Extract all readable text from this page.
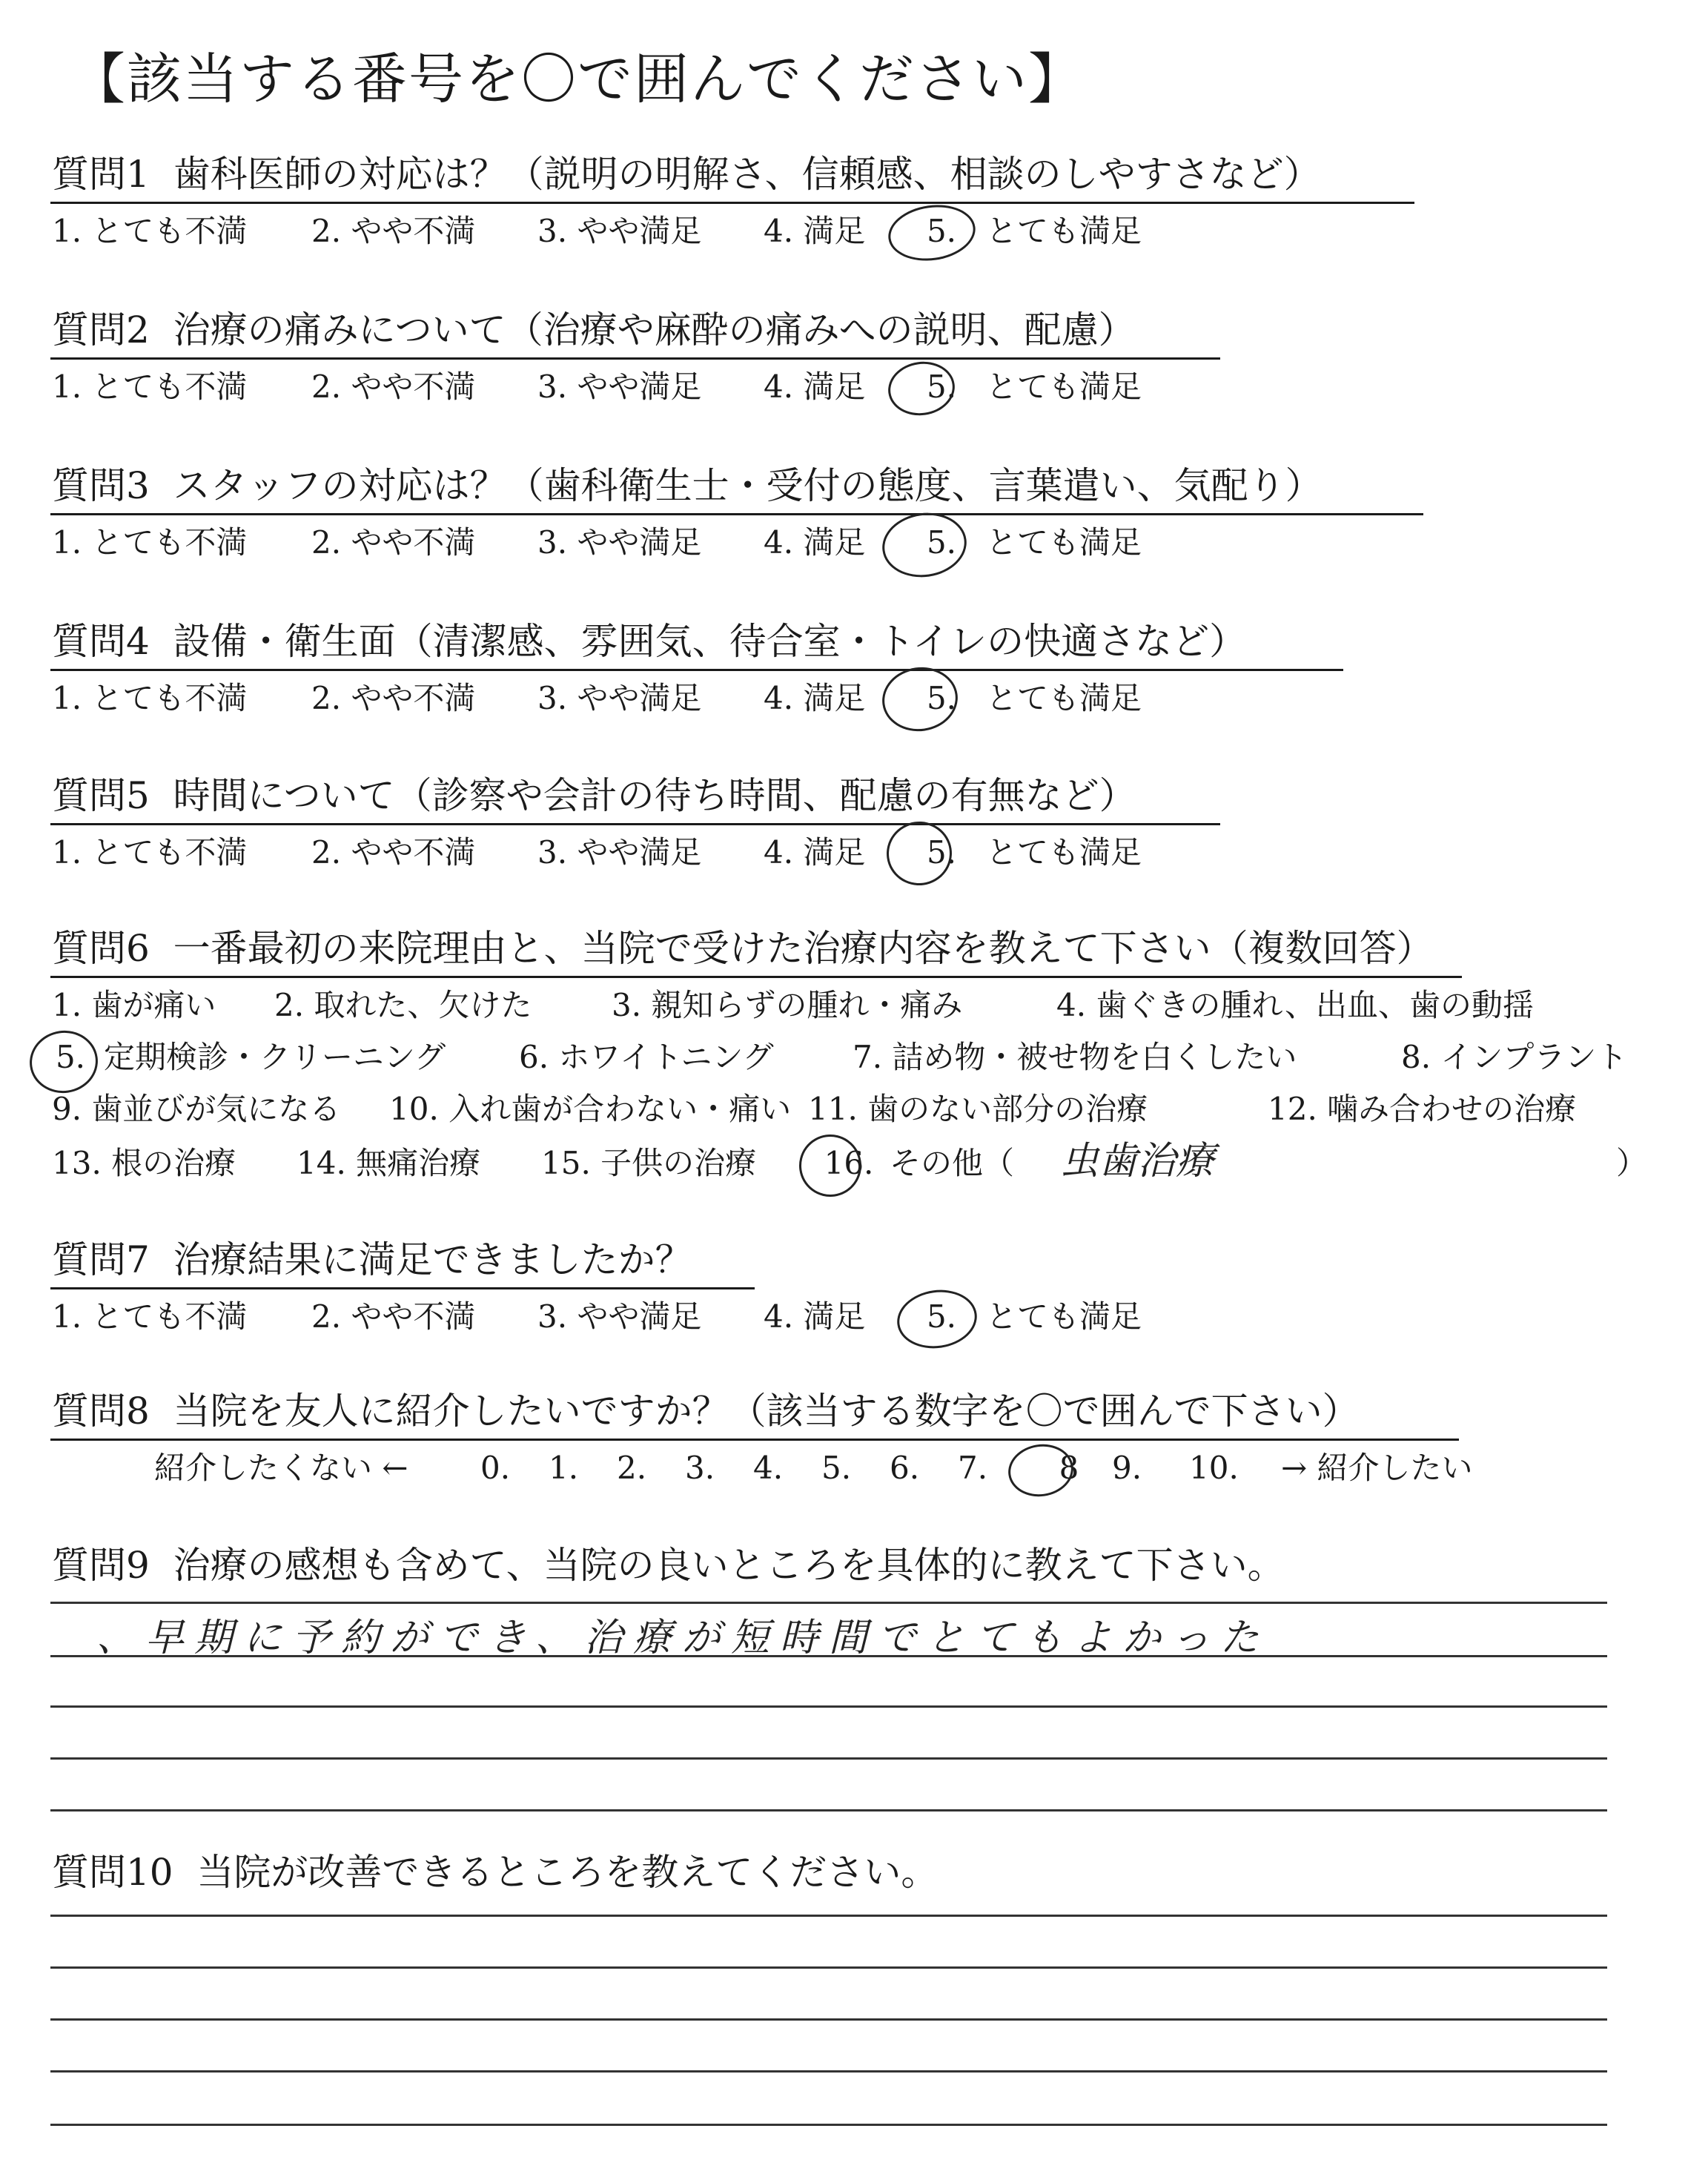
【該当する番号を〇で囲んでください】
質問1 歯科医師の対応は？（説明の明解さ、信頼感、相談のしやすさなど）
1. とても不満 2. やや不満 3. やや満足 4. 満足 5. とても満足
質問2 治療の痛みについて（治療や麻酔の痛みへの説明、配慮）
1. とても不満 2. やや不満 3. やや満足 4. 満足 5. とても満足
質問3 スタッフの対応は？（歯科衛生士・受付の態度、言葉遣い、気配り）
1. とても不満 2. やや不満 3. やや満足 4. 満足 5. とても満足
質問4 設備・衛生面（清潔感、雰囲気、待合室・トイレの快適さなど）
1. とても不満 2. やや不満 3. やや満足 4. 満足 5. とても満足
質問5 時間について（診察や会計の待ち時間、配慮の有無など）
1. とても不満 2. やや不満 3. やや満足 4. 満足 5. とても満足
質問6 一番最初の来院理由と、当院で受けた治療内容を教えて下さい（複数回答）
1. 歯が痛い 2. 取れた、欠けた	3. 親知らずの腫れ・痛み	4. 歯ぐきの腫れ、出血、歯の動揺
5. 定期検診・クリーニング 6. ホワイトニング	7. 詰め物・被せ物を白くしたい	8. インプラント
9. 歯並びが気になる 10. 入れ歯が合わない・痛い 11. 歯のない部分の治療	12. 噛み合わせの治療
13. 根の治療 14. 無痛治療 15. 子供の治療 16. その他（ 虫歯治療	）
質問7 治療結果に満足できましたか？
1. とても不満 2. やや不満 3. やや満足 4. 満足 5. とても満足
質問8 当院を友人に紹介したいですか？（該当する数字を〇で囲んで下さい）
紹介したくない ← 0. 1. 2. 3. 4. 5. 6. 7. 8 9. 10. → 紹介したい
質問9 治療の感想も含めて、当院の良いところを具体的に教えて下さい。
、早期に予約ができ、治療が短時間でとてもよかった
質問10 当院が改善できるところを教えてください。
